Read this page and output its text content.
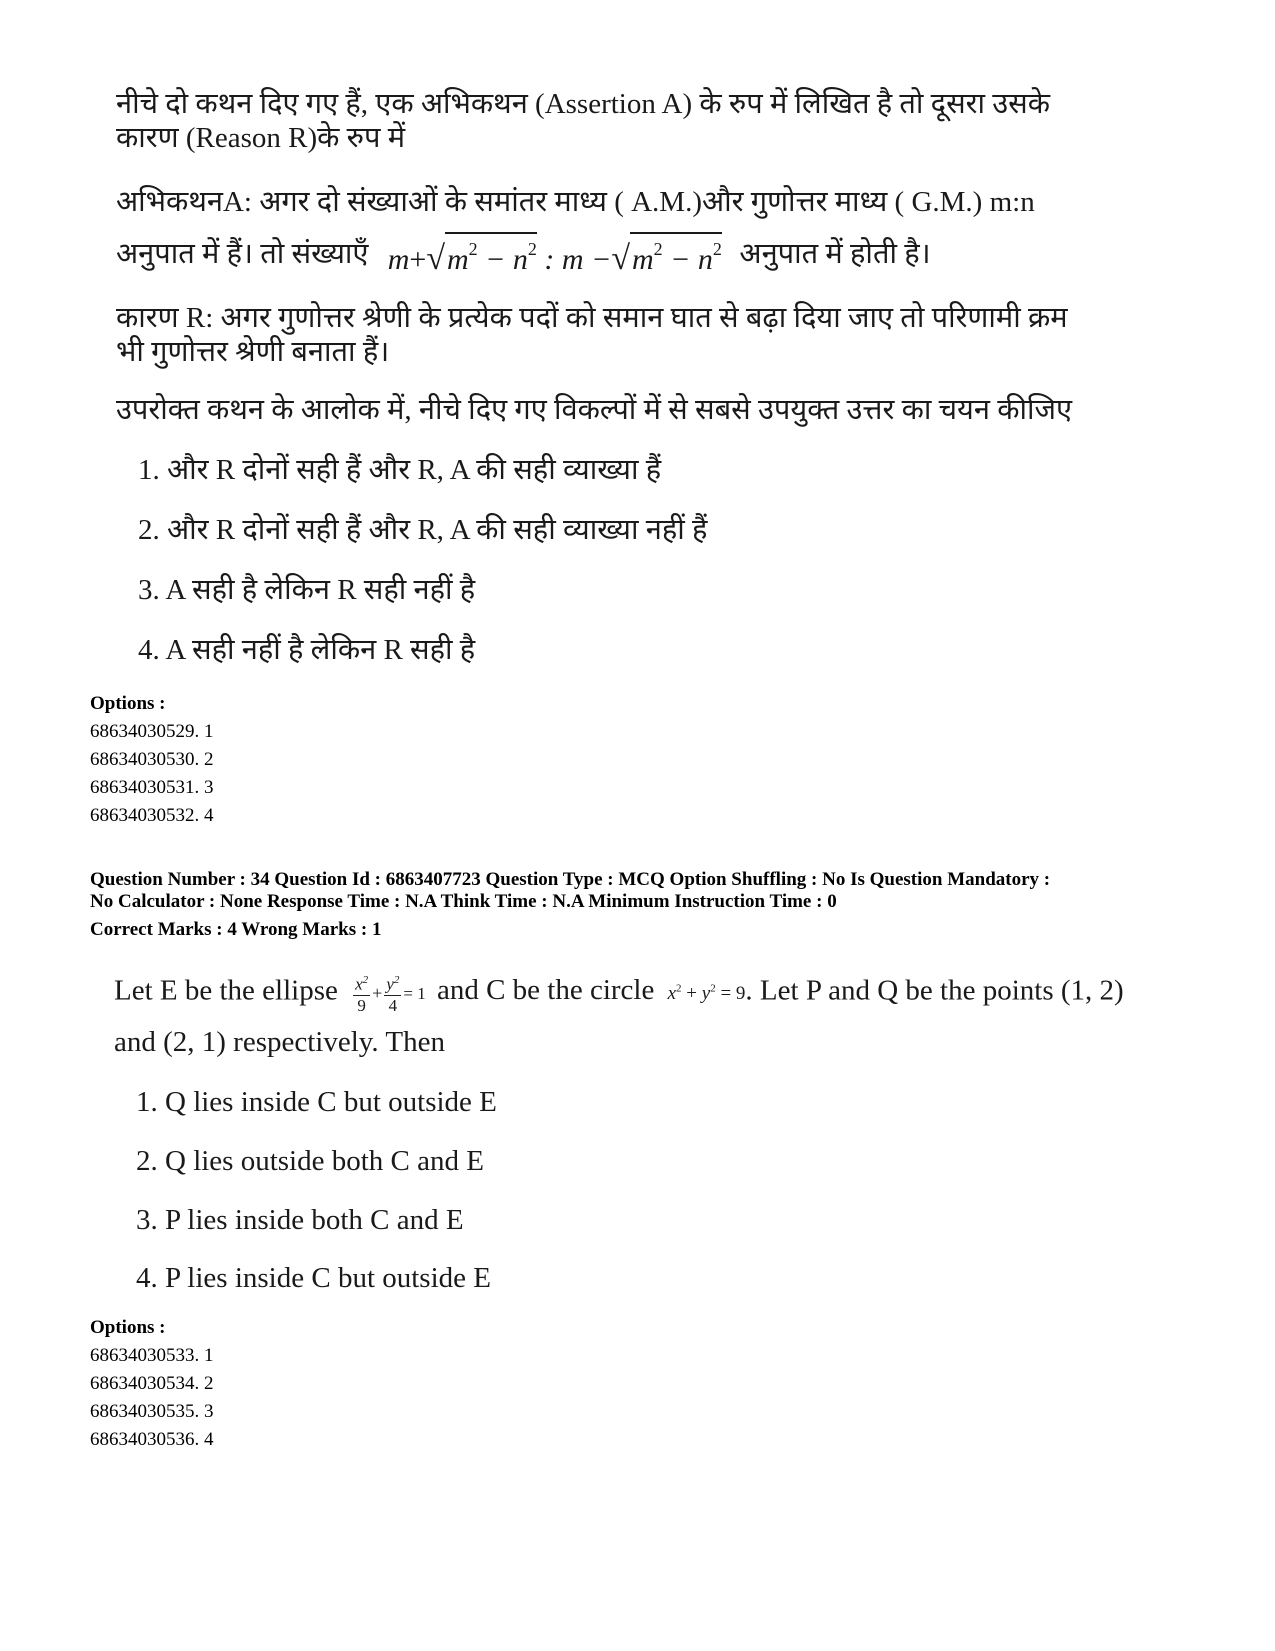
नीचे दो कथन दिए गए हैं, एक अभिकथन (Assertion A) के रुप में लिखित है तो दूसरा उसके
कारण (Reason R)के रुप में
अभिकथनA: अगर दो संख्याओं के समांतर माध्य ( A.M.)और गुणोत्तर माध्य ( G.M.) m:n
अनुपात में हैं। तो संख्याएँ $m+√m^2 - n^2$ : $m -√m^2 - n^2$ अनुपात में होती है।
कारण R: अगर गुणोत्तर श्रेणी के प्रत्येक पदों को समान घात से बढ़ा दिया जाए तो परिणामी क्रम
भी गुणोत्तर श्रेणी बनाता हैं।
उपरोक्त कथन के आलोक में, नीचे दिए गए विकल्पों में से सबसे उपयुक्त उत्तर का चयन कीजिए
1. और R दोनों सही हैं और R, A की सही व्याख्या हैं
2. और R दोनों सही हैं और R, A की सही व्याख्या नहीं हैं
3. A सही है लेकिन R सही नहीं है
4. A सही नहीं है लेकिन R सही है
Options :
68634030529. 1
68634030530. 2
68634030531. 3
68634030532. 4
Question Number : 34 Question Id : 6863407723 Question Type : MCQ Option Shuffling : No Is Question Mandatory :
No Calculator : None Response Time : N.A Think Time : N.A Minimum Instruction Time : 0
Correct Marks : 4 Wrong Marks : 1
Let E be the ellipse $\frac{x^2}{9} + \frac{y^2}{4} = 1$ and C be the circle $x^2 + y^2 = 9$. Let P and Q be the points (1, 2)
and (2, 1) respectively. Then
1. Q lies inside C but outside E
2. Q lies outside both C and E
3. P lies inside both C and E
4. P lies inside C but outside E
Options :
68634030533. 1
68634030534. 2
68634030535. 3
68634030536. 4
